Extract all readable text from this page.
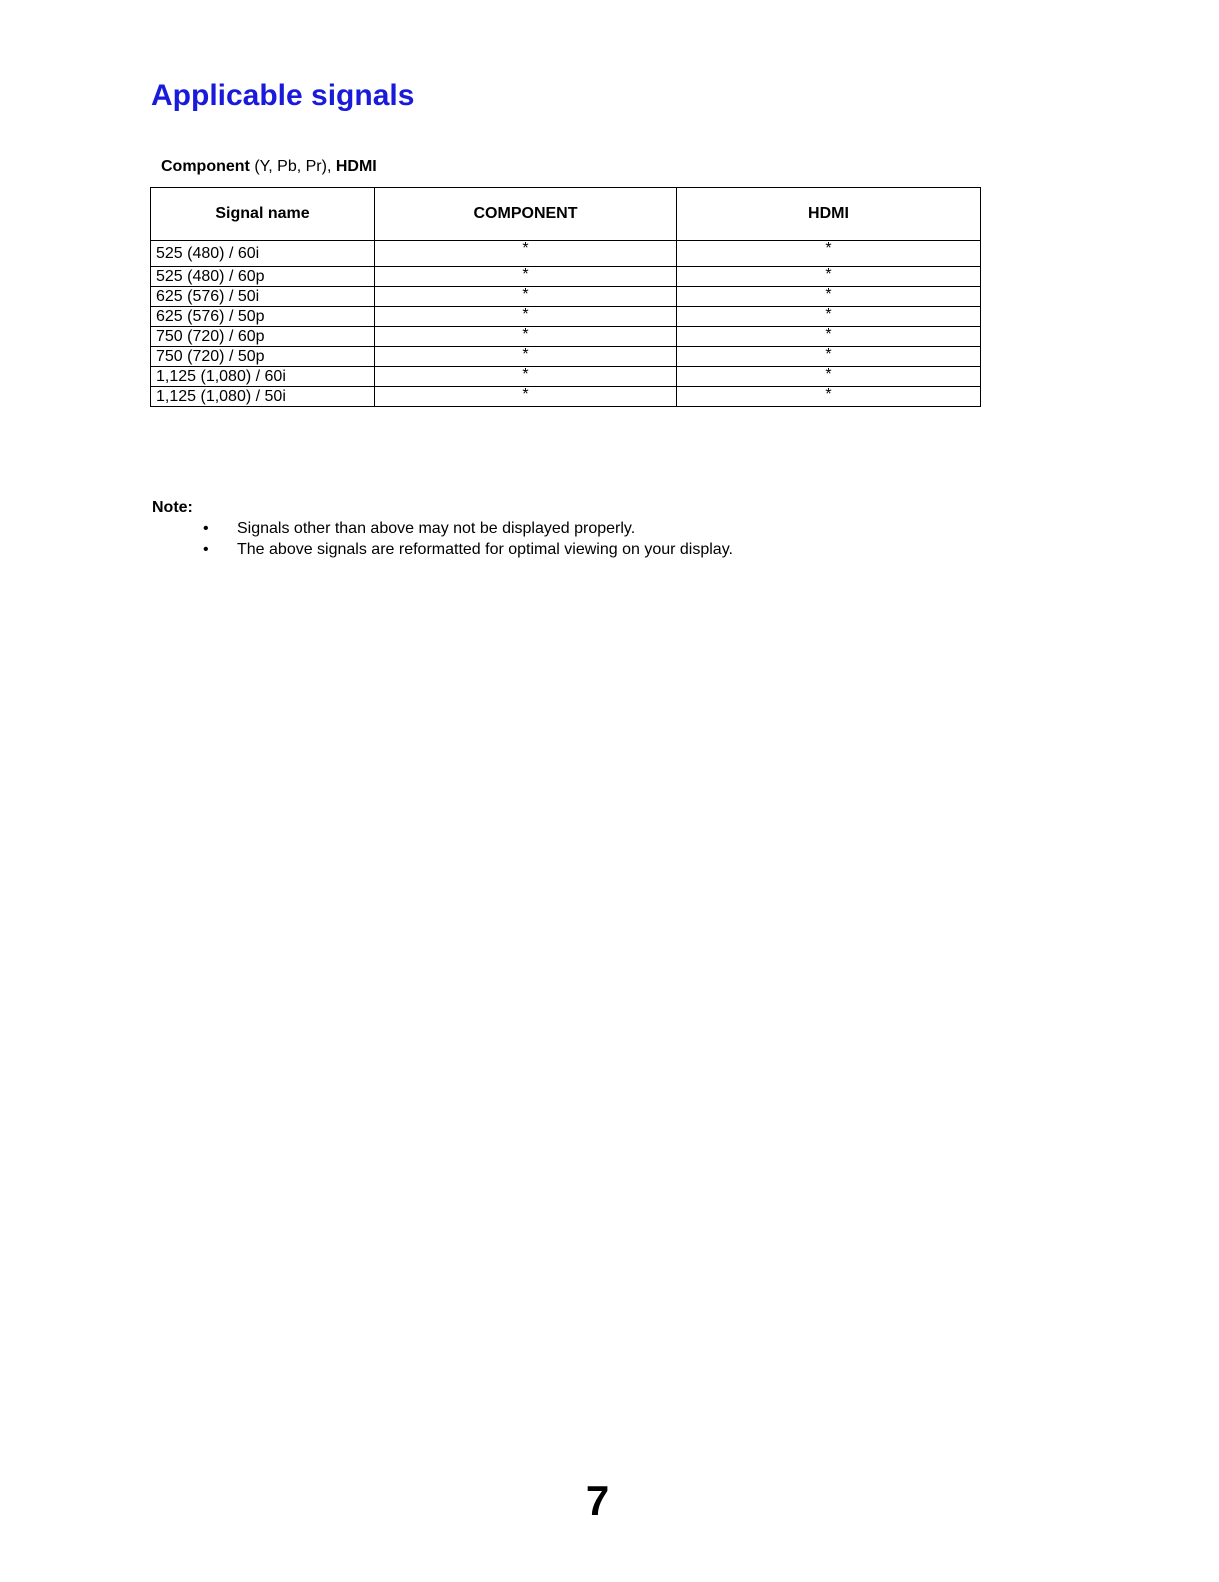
Applicable signals
Component (Y, Pb, Pr), HDMI
Signal name	COMPONENT	HDMI
525 (480) / 60i	*	*
525 (480) / 60p	*	*
625 (576) / 50i	*	*
625 (576) / 50p	*	*
750 (720) / 60p	*	*
750 (720) / 50p	*	*
1,125 (1,080) / 60i	*	*
1,125 (1,080) / 50i	*	*
Note:
• Signals other than above may not be displayed properly.
• The above signals are reformatted for optimal viewing on your display.
7
